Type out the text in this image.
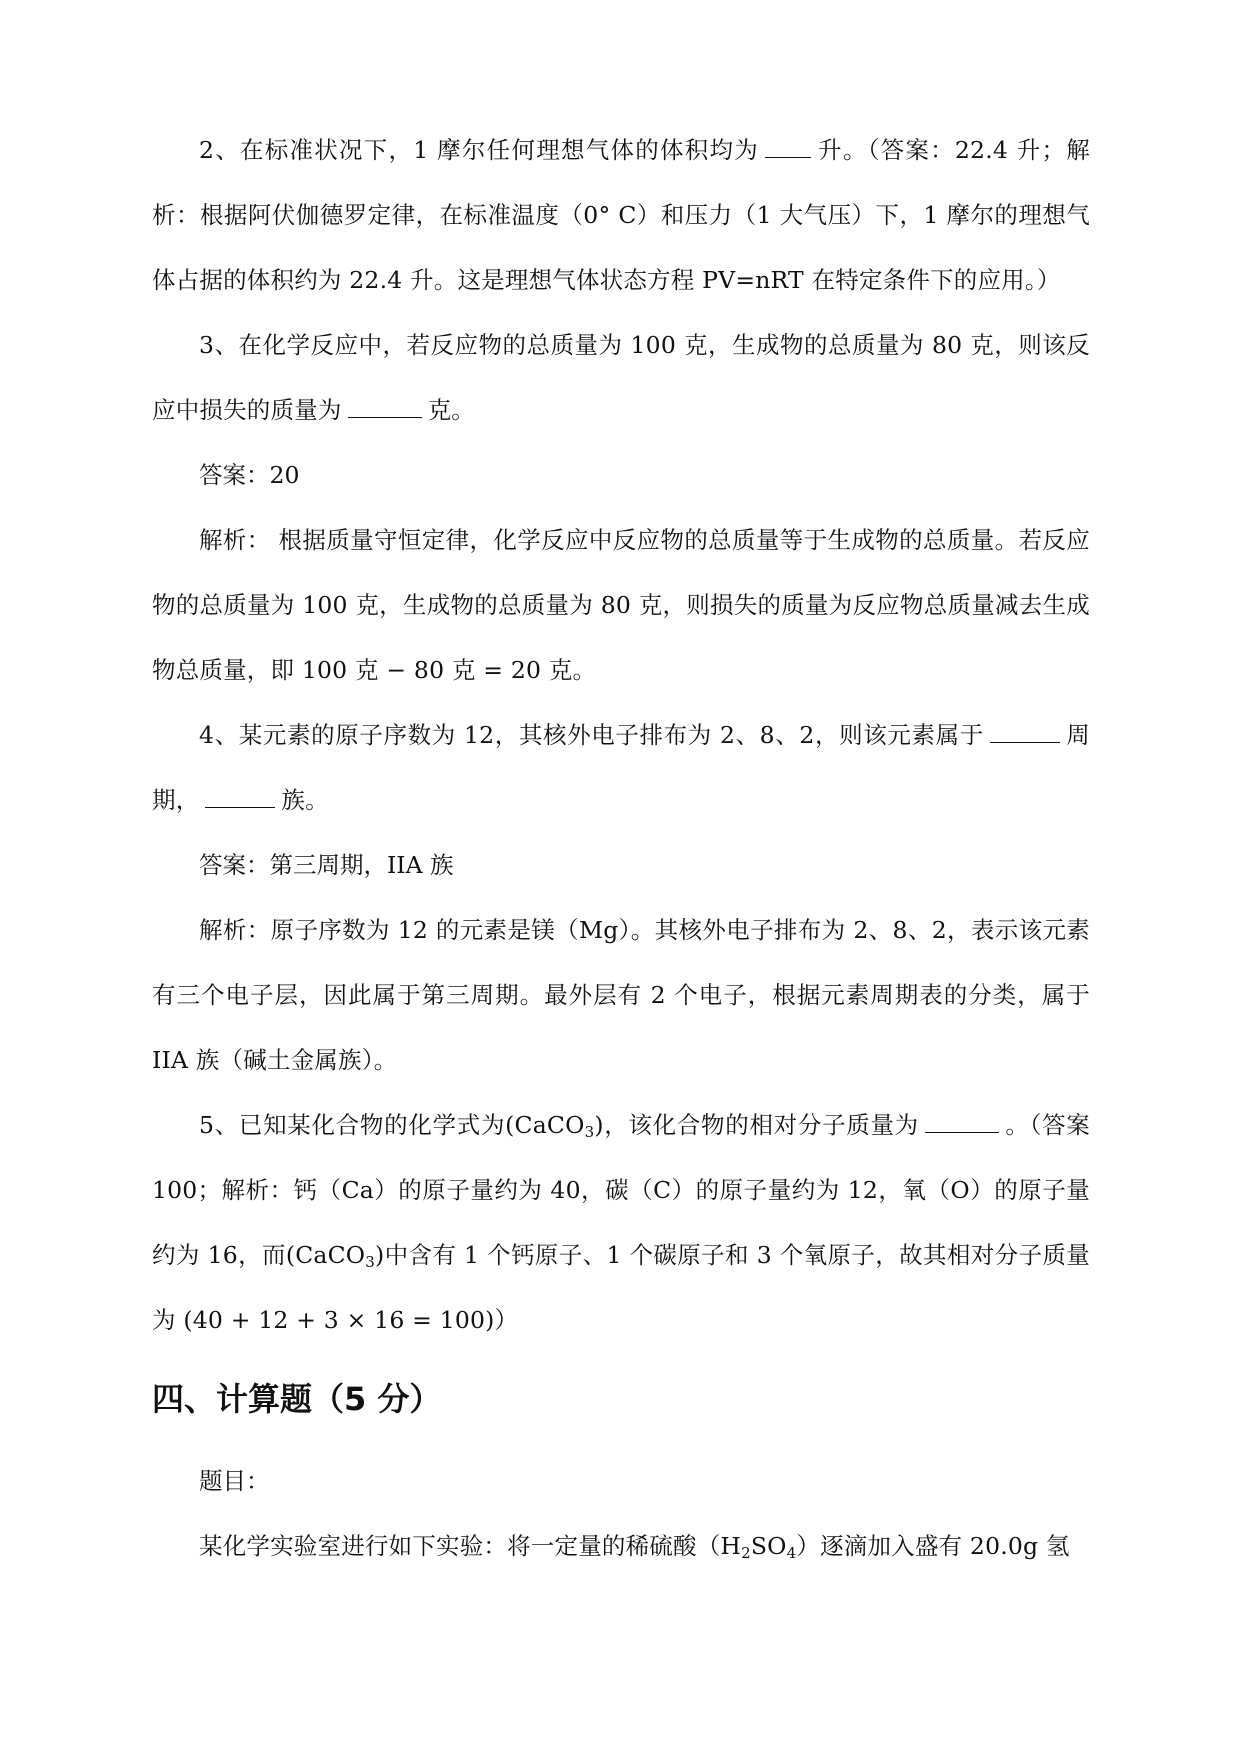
2、在标准状况下，1 摩尔任何理想气体的体积均为 升。（答案：22.4 升；解析：根据阿伏伽德罗定律，在标准温度（0° C）和压力（1 大气压）下，1 摩尔的理想气体占据的体积约为 22.4 升。这是理想气体状态方程 PV=nRT 在特定条件下的应用。）

3、在化学反应中，若反应物的总质量为 100 克，生成物的总质量为 80 克，则该反应中损失的质量为	克。

答案：20

解析： 根据质量守恒定律，化学反应中反应物的总质量等于生成物的总质量。若反应物的总质量为 100 克，生成物的总质量为 80 克，则损失的质量为反应物总质量减去生成物总质量，即 100 克 − 80 克 = 20 克。

4、某元素的原子序数为 12，其核外电子排布为 2、8、2，则该元素属于	周期，	族。

答案：第三周期，IIA 族

解析：原子序数为 12 的元素是镁（Mg）。其核外电子排布为 2、8、2，表示该元素有三个电子层，因此属于第三周期。最外层有 2 个电子，根据元素周期表的分类，属于 IIA 族（碱土金属族）。

5、已知某化合物的化学式为(CaCO$_3$)，该化合物的相对分子质量为	。（答案 100；解析：钙（Ca）的原子量约为 40，碳（C）的原子量约为 12，氧（O）的原子量约为 16，而(CaCO$_3$)中含有 1 个钙原子、1 个碳原子和 3 个氧原子，故其相对分子质量为 (40 + 12 + 3 × 16 = 100)）

四、计算题（5 分）

题目：

某化学实验室进行如下实验：将一定量的稀硫酸$(H_2SO_4)$逐滴加入盛有 20.0g 氢
